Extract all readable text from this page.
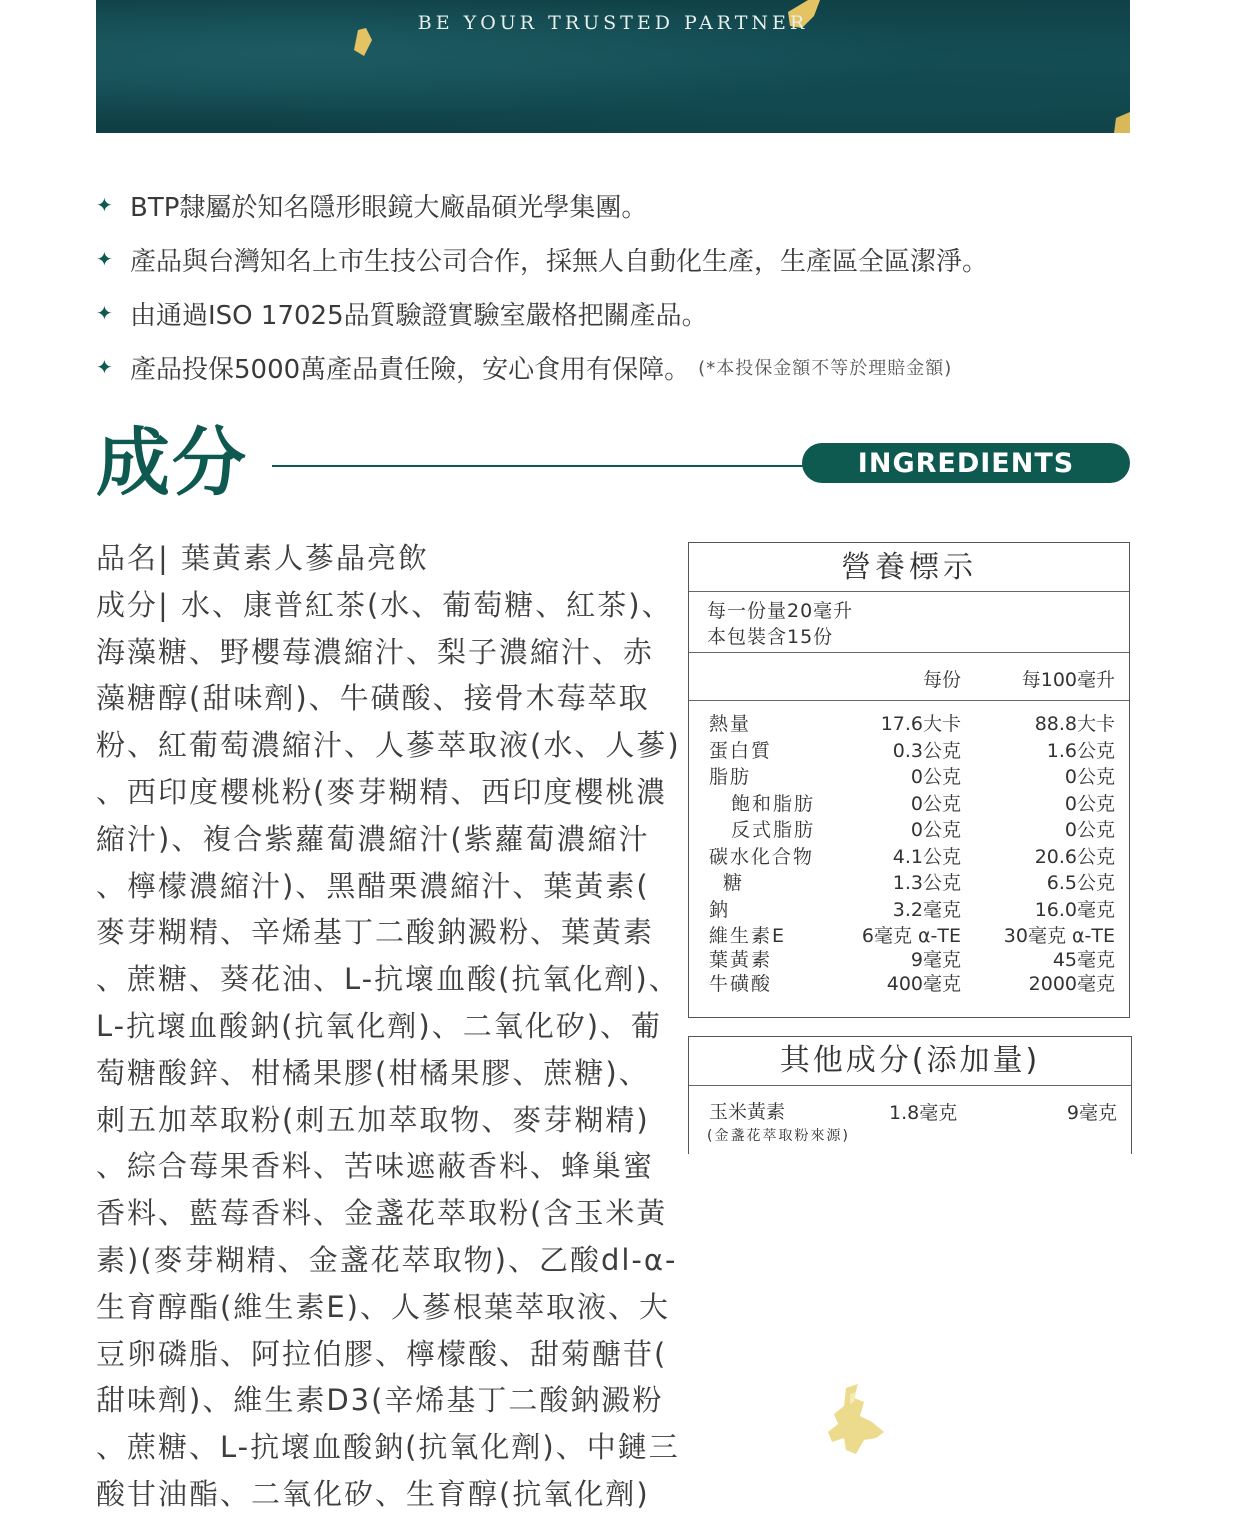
BE YOUR TRUSTED PARTNER
✦ BTP隸屬於知名隱形眼鏡大廠晶碩光學集團。
✦ 產品與台灣知名上市生技公司合作，採無人自動化生產，生產區全區潔淨。
✦ 由通過ISO 17025品質驗證實驗室嚴格把關產品。
✦ 產品投保5000萬產品責任險，安心食用有保障。 (*本投保金額不等於理賠金額)
成分	INGREDIENTS
品名| 葉黃素人蔘晶亮飲
成分| 水、康普紅茶(水、葡萄糖、紅茶)、
海藻糖、野櫻莓濃縮汁、梨子濃縮汁、赤
藻糖醇(甜味劑)、牛磺酸、接骨木莓萃取
粉、紅葡萄濃縮汁、人蔘萃取液(水、人蔘)
、西印度櫻桃粉(麥芽糊精、西印度櫻桃濃
縮汁)、複合紫蘿蔔濃縮汁(紫蘿蔔濃縮汁
、檸檬濃縮汁)、黑醋栗濃縮汁、葉黃素(
麥芽糊精、辛烯基丁二酸鈉澱粉、葉黃素
、蔗糖、葵花油、L-抗壞血酸(抗氧化劑)、
L-抗壞血酸鈉(抗氧化劑)、二氧化矽)、葡
萄糖酸鋅、柑橘果膠(柑橘果膠、蔗糖)、
刺五加萃取粉(刺五加萃取物、麥芽糊精)
、綜合莓果香料、苦味遮蔽香料、蜂巢蜜
香料、藍莓香料、金盞花萃取粉(含玉米黃
素)(麥芽糊精、金盞花萃取物)、乙酸dl-α-
生育醇酯(維生素E)、人蔘根葉萃取液、大
豆卵磷脂、阿拉伯膠、檸檬酸、甜菊醣苷(
甜味劑)、維生素D3(辛烯基丁二酸鈉澱粉
、蔗糖、L-抗壞血酸鈉(抗氧化劑)、中鏈三
酸甘油酯、二氧化矽、生育醇(抗氧化劑)
營養標示
每一份量20毫升
本包裝含15份
每份	每100毫升
熱量	17.6大卡	88.8大卡
蛋白質	0.3公克	1.6公克
脂肪	0公克	0公克
飽和脂肪	0公克	0公克
反式脂肪	0公克	0公克
碳水化合物	4.1公克	20.6公克
糖	1.3公克	6.5公克
鈉	3.2毫克	16.0毫克
維生素E	6毫克 α-TE 30毫克 α-TE
葉黃素	9毫克	45毫克
牛磺酸	400毫克	2000毫克
其他成分(添加量)
玉米黃素
(金盞花萃取粉來源)
1.8毫克	9毫克
